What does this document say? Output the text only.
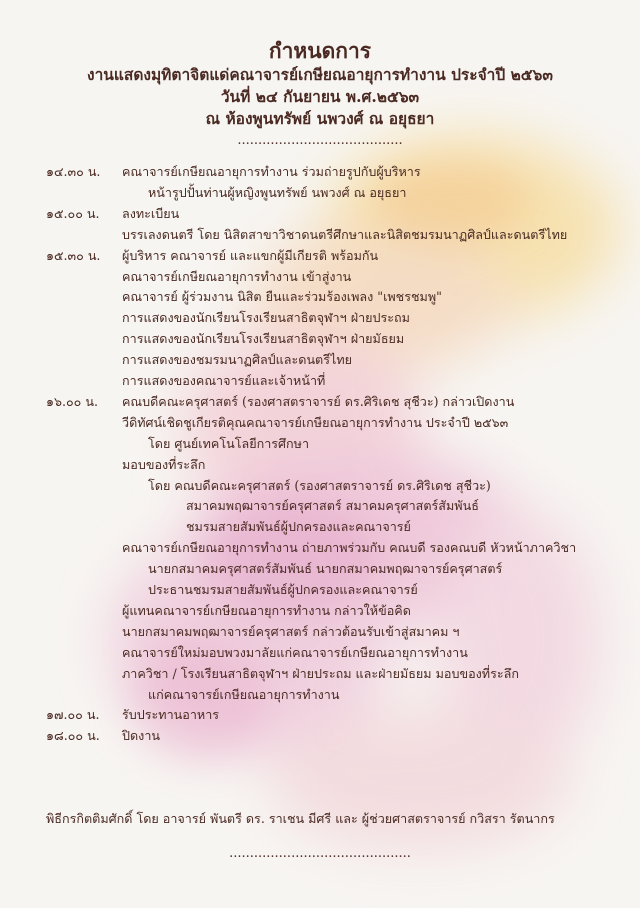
กำหนดการ
งานแสดงมุทิตาจิตแด่คณาจารย์เกษียณอายุการทำงาน ประจำปี ๒๕๖๓
วันที่ ๒๔ กันยายน พ.ศ.๒๕๖๓
ณ ห้องพูนทรัพย์ นพวงศ์ ณ อยุธยา
........................................
๑๔.๓๐ น. คณาจารย์เกษียณอายุการทำงาน ร่วมถ่ายรูปกับผู้บริหาร
หน้ารูปปั้นท่านผู้หญิงพูนทรัพย์ นพวงศ์ ณ อยุธยา
๑๕.๐๐ น. ลงทะเบียน
บรรเลงดนตรี โดย นิสิตสาขาวิชาดนตรีศึกษาและนิสิตชมรมนาฏศิลป์และดนตรีไทย
๑๕.๓๐ น. ผู้บริหาร คณาจารย์ และแขกผู้มีเกียรติ พร้อมกัน
คณาจารย์เกษียณอายุการทำงาน เข้าสู่งาน
คณาจารย์ ผู้ร่วมงาน นิสิต ยืนและร่วมร้องเพลง "เพชรชมพู"
การแสดงของนักเรียนโรงเรียนสาธิตจุฬาฯ ฝ่ายประถม
การแสดงของนักเรียนโรงเรียนสาธิตจุฬาฯ ฝ่ายมัธยม
การแสดงของชมรมนาฏศิลป์และดนตรีไทย
การแสดงของคณาจารย์และเจ้าหน้าที่
๑๖.๐๐ น. คณบดีคณะครุศาสตร์ (รองศาสตราจารย์ ดร.ศิริเดช สุชีวะ) กล่าวเปิดงาน
วีดิทัศน์เชิดชูเกียรติคุณคณาจารย์เกษียณอายุการทำงาน ประจำปี ๒๕๖๓
โดย ศูนย์เทคโนโลยีการศึกษา
มอบของที่ระลึก
โดย คณบดีคณะครุศาสตร์ (รองศาสตราจารย์ ดร.ศิริเดช สุชีวะ)
สมาคมพฤฒาจารย์ครุศาสตร์ สมาคมครุศาสตร์สัมพันธ์
ชมรมสายสัมพันธ์ผู้ปกครองและคณาจารย์
คณาจารย์เกษียณอายุการทำงาน ถ่ายภาพร่วมกับ คณบดี รองคณบดี หัวหน้าภาควิชา
นายกสมาคมครุศาสตร์สัมพันธ์ นายกสมาคมพฤฒาจารย์ครุศาสตร์
ประธานชมรมสายสัมพันธ์ผู้ปกครองและคณาจารย์
ผู้แทนคณาจารย์เกษียณอายุการทำงาน กล่าวให้ข้อคิด
นายกสมาคมพฤฒาจารย์ครุศาสตร์ กล่าวต้อนรับเข้าสู่สมาคม ฯ
คณาจารย์ใหม่มอบพวงมาลัยแก่คณาจารย์เกษียณอายุการทำงาน
ภาควิชา / โรงเรียนสาธิตจุฬาฯ ฝ่ายประถม และฝ่ายมัธยม มอบของที่ระลึก
แก่คณาจารย์เกษียณอายุการทำงาน
๑๗.๐๐ น. รับประทานอาหาร
๑๘.๐๐ น. ปิดงาน
พิธีกรกิตติมศักดิ์ โดย อาจารย์ พันตรี ดร. ราเชน มีศรี และ ผู้ช่วยศาสตราจารย์ กวิสรา รัตนากร
............................................
